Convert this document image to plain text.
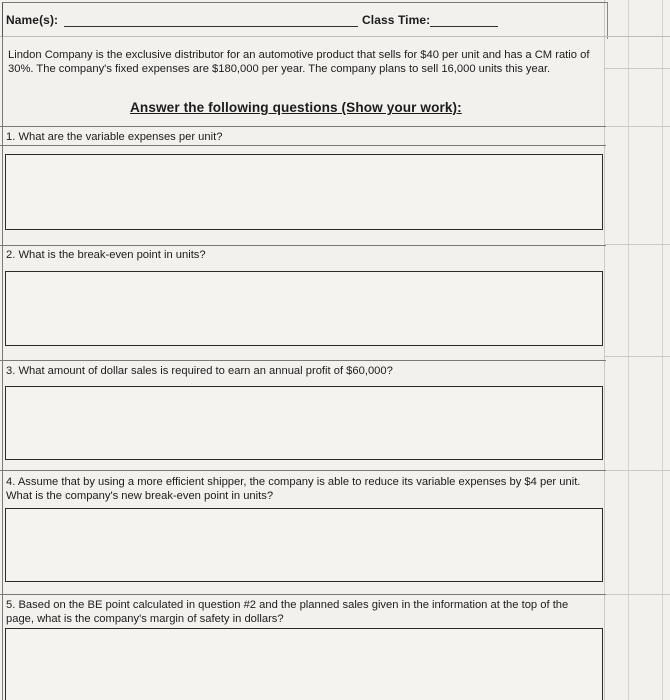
Name(s):	Class Time:
Lindon Company is the exclusive distributor for an automotive product that sells for $40 per unit and has a CM ratio of 30%. The company's fixed expenses are $180,000 per year. The company plans to sell 16,000 units this year.
Answer the following questions (Show your work):
1. What are the variable expenses per unit?
2. What is the break-even point in units?
3. What amount of dollar sales is required to earn an annual profit of $60,000?
4. Assume that by using a more efficient shipper, the company is able to reduce its variable expenses by $4 per unit. What is the company's new break-even point in units?
5. Based on the BE point calculated in question #2 and the planned sales given in the information at the top of the page, what is the company's margin of safety in dollars?
